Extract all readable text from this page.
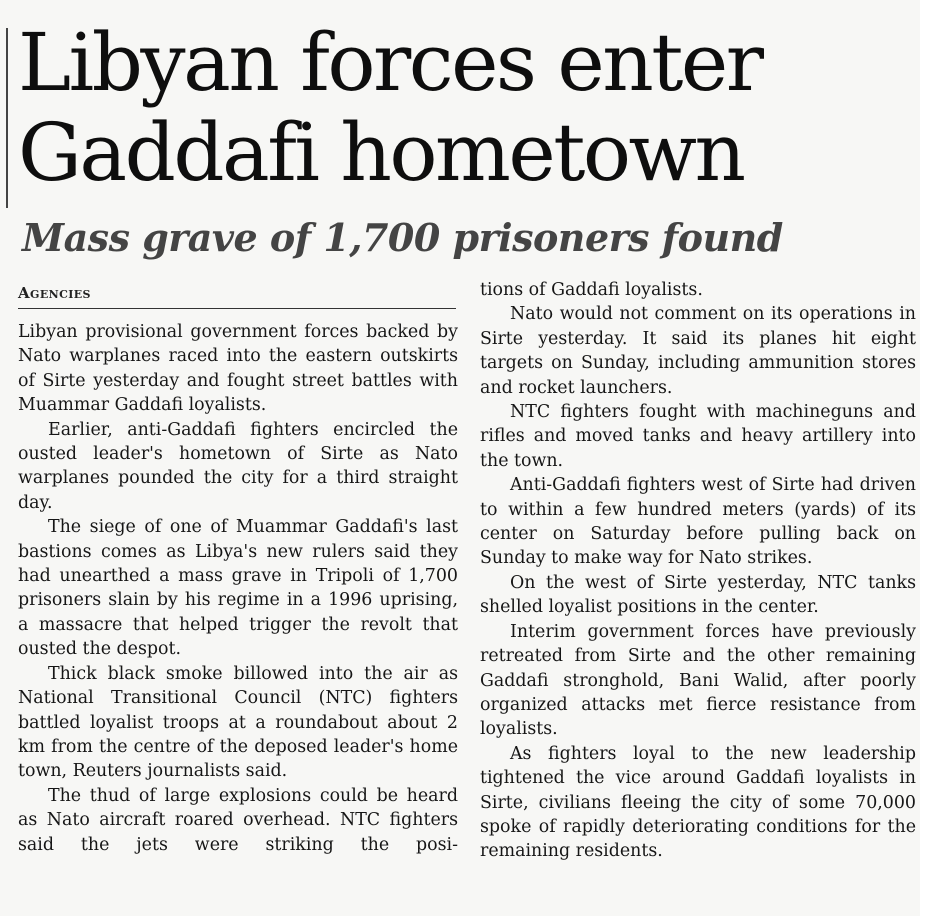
Libyan forces enter
Gaddafi hometown
Mass grave of 1,700 prisoners found
Agencies

Libyan provisional government forces backed by Nato warplanes raced into the eastern outskirts of Sirte yesterday and fought street battles with Muammar Gaddafi loyalists.

Earlier, anti-Gaddafi fighters encircled the ousted leader's hometown of Sirte as Nato warplanes pounded the city for a third straight day.

The siege of one of Muammar Gaddafi's last bastions comes as Libya's new rulers said they had unearthed a mass grave in Tripoli of 1,700 prisoners slain by his regime in a 1996 uprising, a massacre that helped trigger the revolt that ousted the despot.

Thick black smoke billowed into the air as National Transitional Council (NTC) fighters battled loyalist troops at a roundabout about 2 km from the centre of the deposed leader's home town, Reuters journalists said.

The thud of large explosions could be heard as Nato aircraft roared overhead. NTC fighters said the jets were striking the posi-

tions of Gaddafi loyalists.

Nato would not comment on its operations in Sirte yesterday. It said its planes hit eight targets on Sunday, including ammunition stores and rocket launchers.

NTC fighters fought with machineguns and rifles and moved tanks and heavy artillery into the town.

Anti-Gaddafi fighters west of Sirte had driven to within a few hundred meters (yards) of its center on Saturday before pulling back on Sunday to make way for Nato strikes.

On the west of Sirte yesterday, NTC tanks shelled loyalist positions in the center.

Interim government forces have previously retreated from Sirte and the other remaining Gaddafi stronghold, Bani Walid, after poorly organized attacks met fierce resistance from loyalists.

As fighters loyal to the new leadership tightened the vice around Gaddafi loyalists in Sirte, civilians fleeing the city of some 70,000 spoke of rapidly deteriorating conditions for the remaining residents.
